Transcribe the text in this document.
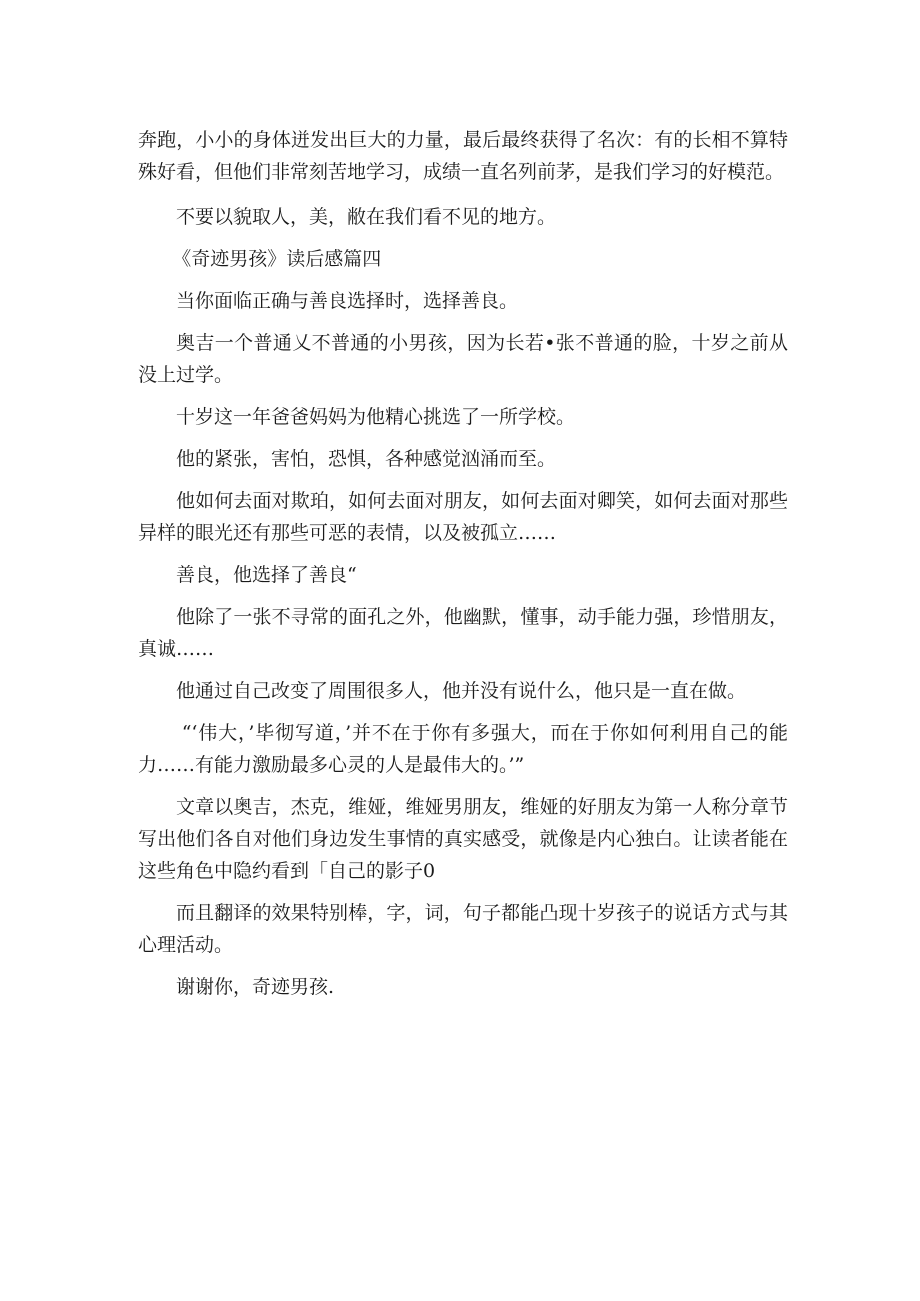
奔跑，小小的身体迸发出巨大的力量，最后最终获得了名次：有的长相不算特殊好看，但他们非常刻苦地学习，成绩一直名列前茅，是我们学习的好模范。

不要以貌取人，美，敝在我们看不见的地方。

《奇迹男孩》读后感篇四

当你面临正确与善良选择时，选择善良。

奥吉一个普通乂不普通的小男孩，因为长若•张不普通的脸，十岁之前从没上过学。

十岁这一年爸爸妈妈为他精心挑选了一所学校。

他的紧张，害怕，恐惧，各种感觉汹涌而至。

他如何去面对欺珀，如何去面对朋友，如何去面对卿笑，如何去面对那些异样的眼光还有那些可恶的表情，以及被孤立……

善良，他选择了善良“

他除了一张不寻常的面孔之外，他幽默，懂事，动手能力强，珍惜朋友，真诚……

他通过自己改变了周围很多人，他并没有说什么，他只是一直在做。

“‘伟大，’毕彻写道，’并不在于你有多强大，而在于你如何利用自己的能力……有能力激励最多心灵的人是最伟大的。’”

文章以奥吉，杰克，维娅，维娅男朋友，维娅的好朋友为第一人称分章节写出他们各自对他们身边发生事情的真实感受，就像是内心独白。让读者能在这些角色中隐约看到「自己的影子0

而且翻译的效果特别棒，字，词，句子都能凸现十岁孩子的说话方式与其心理活动。

谢谢你，奇迹男孩.
